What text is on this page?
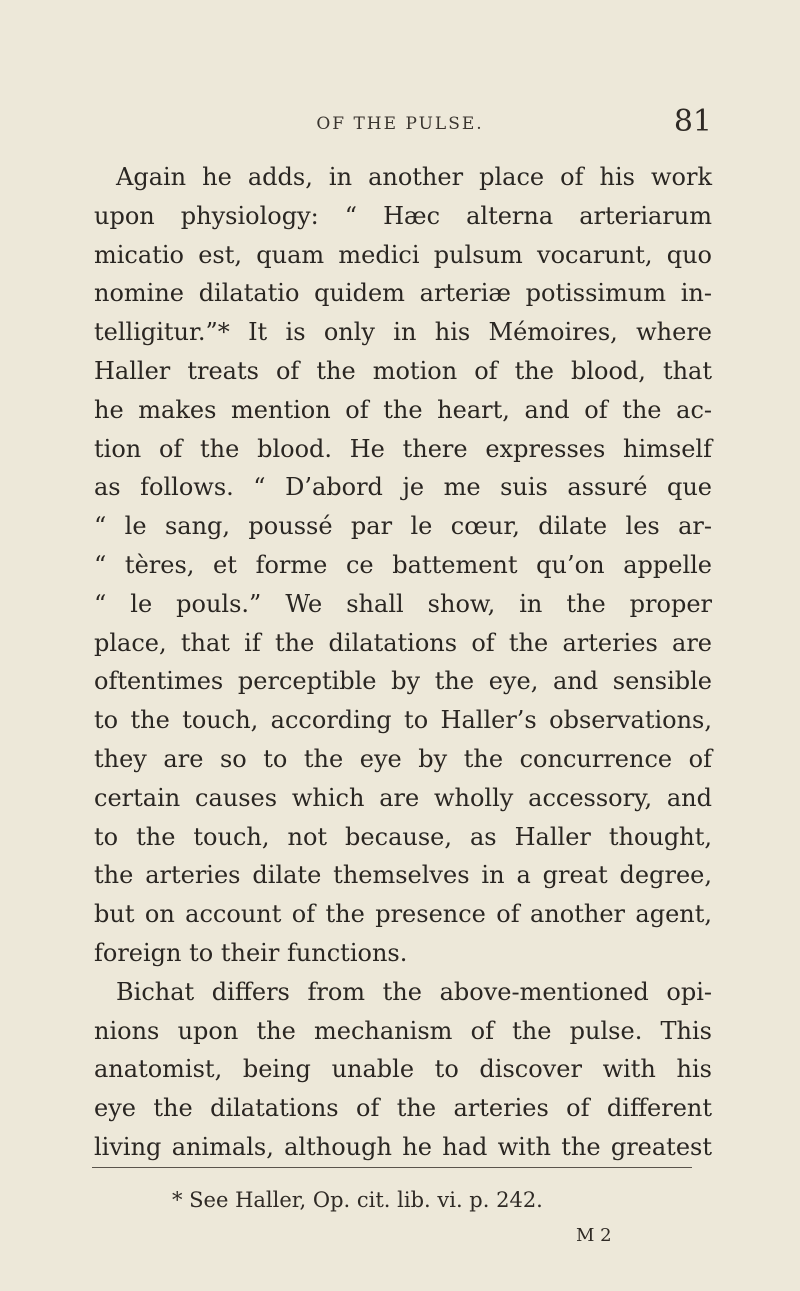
OF THE PULSE.	81
Again he adds, in another place of his work
upon physiology: “ Hæc alterna arteriarum
micatio est, quam medici pulsum vocarunt, quo
nomine dilatatio quidem arteriæ potissimum in-
telligitur.”* It is only in his Mémoires, where
Haller treats of the motion of the blood, that
he makes mention of the heart, and of the ac-
tion of the blood. He there expresses himself
as follows. “ D’abord je me suis assuré que
“ le sang, poussé par le cœur, dilate les ar-
“ tères, et forme ce battement qu’on appelle
“ le pouls.” We shall show, in the proper
place, that if the dilatations of the arteries are
oftentimes perceptible by the eye, and sensible
to the touch, according to Haller’s observations,
they are so to the eye by the concurrence of
certain causes which are wholly accessory, and
to the touch, not because, as Haller thought,
the arteries dilate themselves in a great degree,
but on account of the presence of another agent,
foreign to their functions.
Bichat differs from the above-mentioned opi-
nions upon the mechanism of the pulse. This
anatomist, being unable to discover with his
eye the dilatations of the arteries of different
living animals, although he had with the greatest
* See Haller, Op. cit. lib. vi. p. 242.
M 2
